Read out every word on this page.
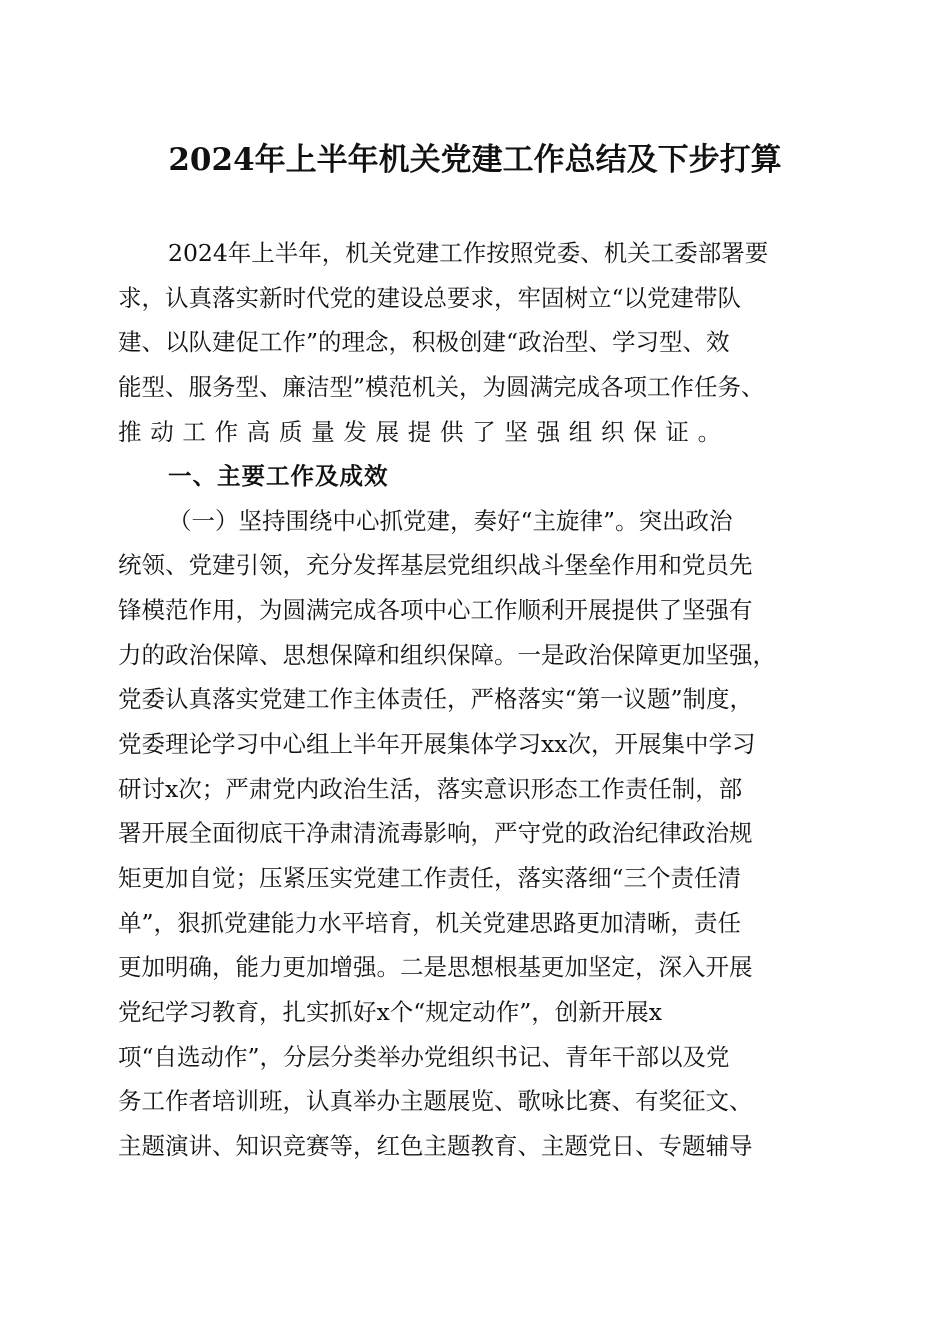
2024年上半年机关党建工作总结及下步打算
2024年上半年，机关党建工作按照党委、机关工委部署要
求，认真落实新时代党的建设总要求，牢固树立“以党建带队
建、以队建促工作”的理念，积极创建“政治型、学习型、效
能型、服务型、廉洁型”模范机关，为圆满完成各项工作任务、
推动工作高质量发展提供了坚强组织保证。
一、主要工作及成效
（一）坚持围绕中心抓党建，奏好“主旋律”。突出政治
统领、党建引领，充分发挥基层党组织战斗堡垒作用和党员先
锋模范作用，为圆满完成各项中心工作顺利开展提供了坚强有
力的政治保障、思想保障和组织保障。一是政治保障更加坚强，
党委认真落实党建工作主体责任，严格落实“第一议题”制度，
党委理论学习中心组上半年开展集体学习xx次，开展集中学习
研讨x次；严肃党内政治生活，落实意识形态工作责任制，部
署开展全面彻底干净肃清流毒影响，严守党的政治纪律政治规
矩更加自觉；压紧压实党建工作责任，落实落细“三个责任清
单”，狠抓党建能力水平培育，机关党建思路更加清晰，责任
更加明确，能力更加增强。二是思想根基更加坚定，深入开展
党纪学习教育，扎实抓好x个“规定动作”，创新开展x
项“自选动作”，分层分类举办党组织书记、青年干部以及党
务工作者培训班，认真举办主题展览、歌咏比赛、有奖征文、
主题演讲、知识竞赛等，红色主题教育、主题党日、专题辅导
